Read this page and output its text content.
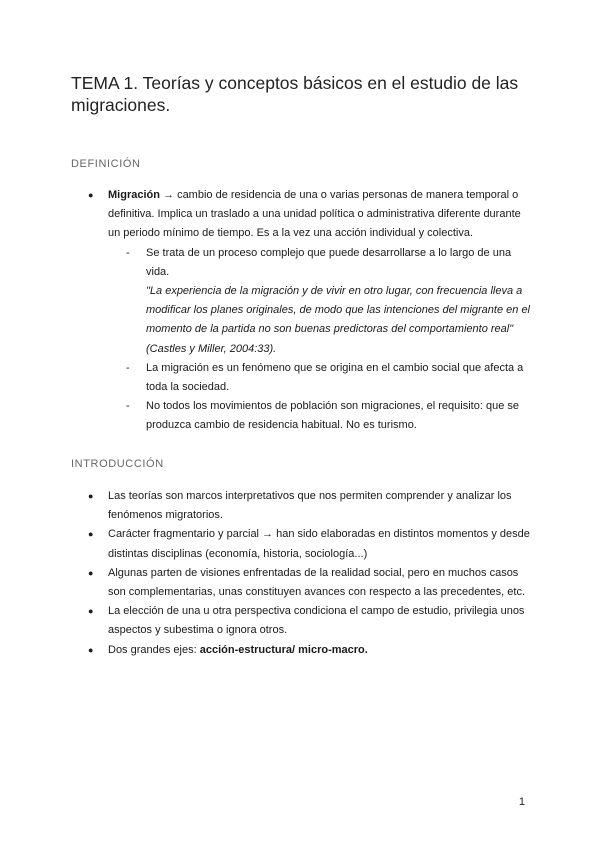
TEMA 1. Teorías y conceptos básicos en el estudio de las migraciones.
DEFINICIÓN
● Migración → cambio de residencia de una o varias personas de manera temporal o definitiva. Implica un traslado a una unidad política o administrativa diferente durante un periodo mínimo de tiempo. Es a la vez una acción individual y colectiva.
- Se trata de un proceso complejo que puede desarrollarse a lo largo de una vida.
"La experiencia de la migración y de vivir en otro lugar, con frecuencia lleva a modificar los planes originales, de modo que las intenciones del migrante en el momento de la partida no son buenas predictoras del comportamiento real" (Castles y Miller, 2004:33).
- La migración es un fenómeno que se origina en el cambio social que afecta a toda la sociedad.
- No todos los movimientos de población son migraciones, el requisito: que se produzca cambio de residencia habitual. No es turismo.
INTRODUCCIÓN
● Las teorías son marcos interpretativos que nos permiten comprender y analizar los fenómenos migratorios.
● Carácter fragmentario y parcial → han sido elaboradas en distintos momentos y desde distintas disciplinas (economía, historia, sociología...)
● Algunas parten de visiones enfrentadas de la realidad social, pero en muchos casos son complementarias, unas constituyen avances con respecto a las precedentes, etc.
● La elección de una u otra perspectiva condiciona el campo de estudio, privilegia unos aspectos y subestima o ignora otros.
● Dos grandes ejes: acción-estructura/ micro-macro.
1
